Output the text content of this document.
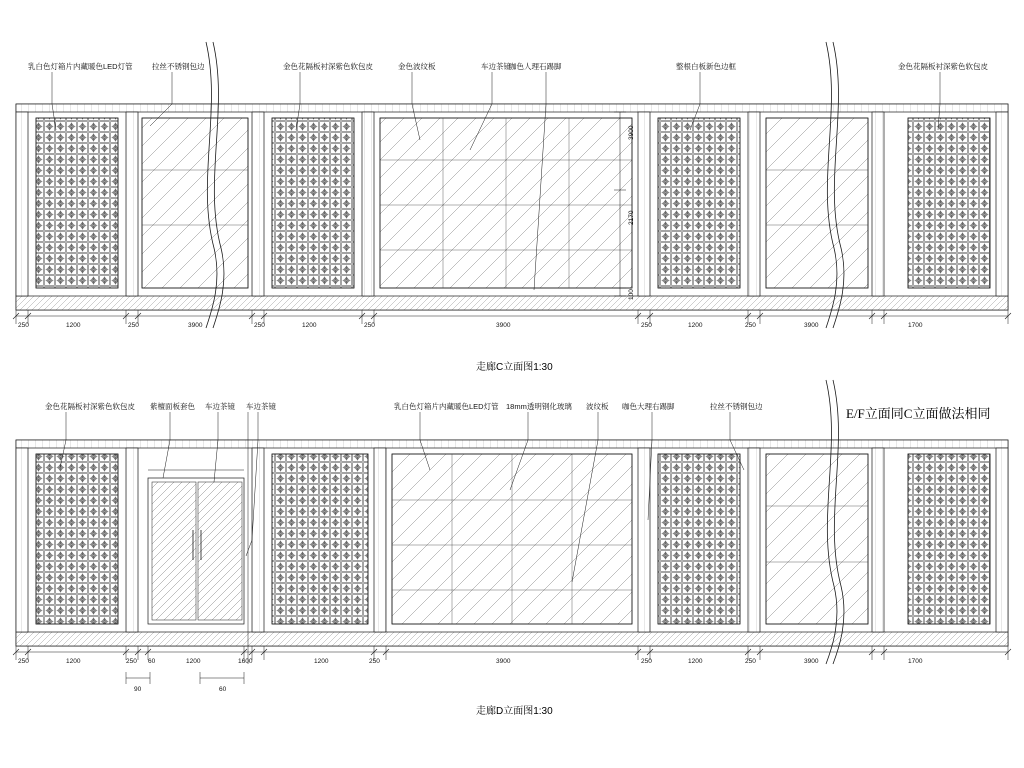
乳白色灯箱片内藏暖色LED灯管	拉丝不锈钢包边	金色花隔板衬深紫色软包皮	金色波纹板	车边茶镜
咖色人理石踢脚	整根白板新色边框	金色花隔板衬深紫色软包皮
250	1200	250	3900	250	1200	250	3900	250	1200	250	3900	1700
3900
2170
100
走廊C立面图1:30
E/F立面同C立面做法相同
金色花隔板衬深紫色软包皮 紫檀面板套色 车边茶镜 车边茶镜	乳白色灯箱片内藏暖色LED灯管 18mm透明钢化玻璃 波纹板 咖色大理右踢脚	拉丝不锈钢包边
250	1200	250 60	1200	1600	1200	250	3900	250	1200	250	3900	1700
90	60
走廊D立面图1:30
